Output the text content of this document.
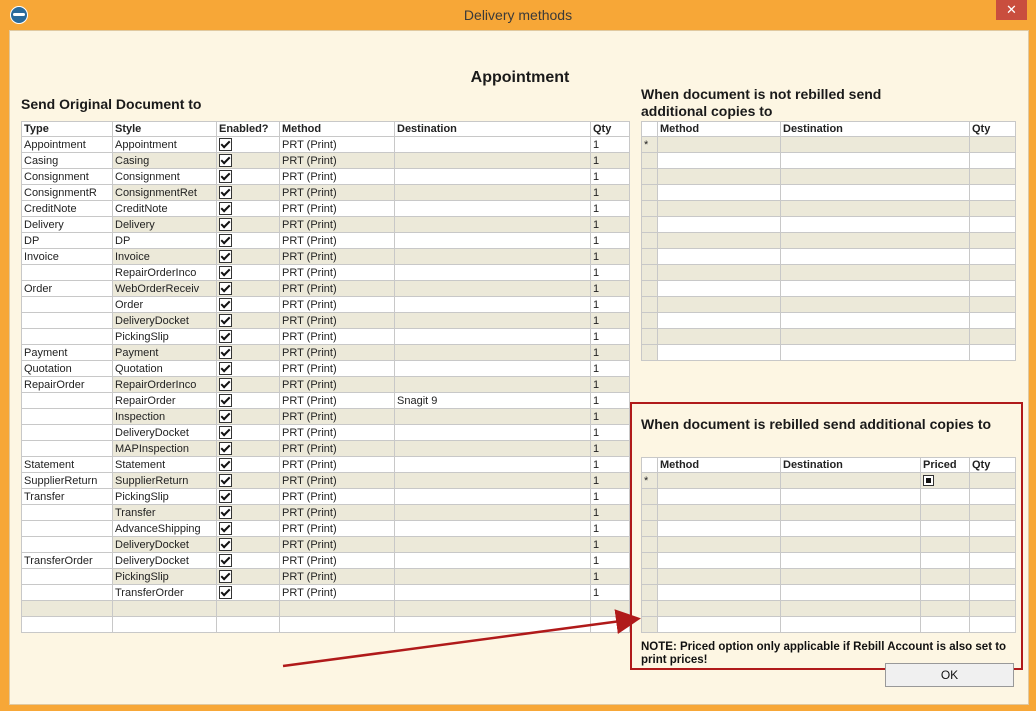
Delivery methods	✕
Appointment
Send Original Document to
Type	Style	Enabled?	Method	Destination	Qty
Appointment	Appointment		PRT (Print)		1
Casing	Casing		PRT (Print)		1
Consignment	Consignment		PRT (Print)		1
ConsignmentR	ConsignmentRet		PRT (Print)		1
CreditNote	CreditNote		PRT (Print)		1
Delivery	Delivery		PRT (Print)		1
DP	DP		PRT (Print)		1
Invoice	Invoice		PRT (Print)		1
	RepairOrderInco		PRT (Print)		1
Order	WebOrderReceiv		PRT (Print)		1
	Order		PRT (Print)		1
	DeliveryDocket		PRT (Print)		1
	PickingSlip		PRT (Print)		1
Payment	Payment		PRT (Print)		1
Quotation	Quotation		PRT (Print)		1
RepairOrder	RepairOrderInco		PRT (Print)		1
	RepairOrder		PRT (Print)	Snagit 9	1
	Inspection		PRT (Print)		1
	DeliveryDocket		PRT (Print)		1
	MAPInspection		PRT (Print)		1
Statement	Statement		PRT (Print)		1
SupplierReturn	SupplierReturn		PRT (Print)		1
Transfer	PickingSlip		PRT (Print)		1
	Transfer		PRT (Print)		1
	AdvanceShipping		PRT (Print)		1
	DeliveryDocket		PRT (Print)		1
TransferOrder	DeliveryDocket		PRT (Print)		1
	PickingSlip		PRT (Print)		1
	TransferOrder		PRT (Print)		1

When document is not rebilled send additional copies to
	Method	Destination	Qty
*			

When document is rebilled send additional copies to
	Method	Destination	Priced	Qty
*				

NOTE: Priced option only applicable if Rebill Account is also set to print prices!
OK
